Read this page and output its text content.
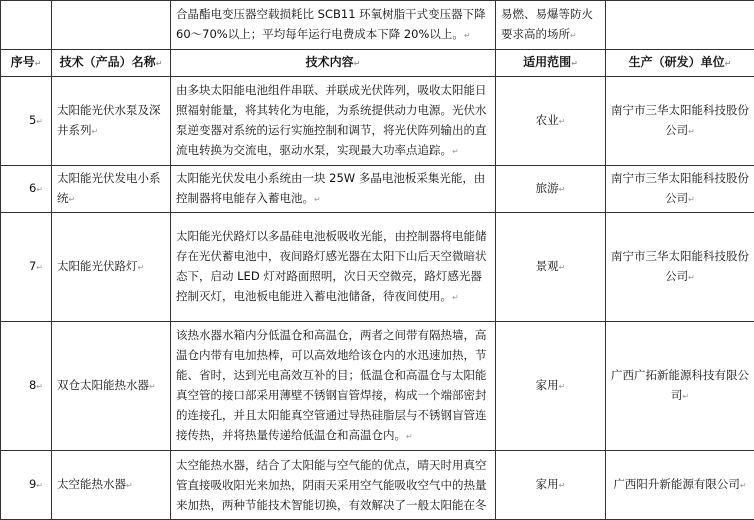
		合晶酯电变压器空载损耗比 SCB11 环氧树脂干式变压器下降60～70%以上；平均每年运行电费成本下降 20%以上。↵	易燃、易爆等防火要求高的场所↵	
序号↵	技术（产品）名称↵	技术内容↵	适用范围↵	生产（研发）单位↵
5↵	太阳能光伏水泵及深井系列↵	由多块太阳能电池组件串联、并联成光伏阵列，吸收太阳能日照福射能量，将其转化为电能，为系统提供动力电源。光伏水泵逆变器对系统的运行实施控制和调节，将光伏阵列输出的直流电转换为交流电，驱动水泵，实现最大功率点追踪。↵	农业↵	南宁市三华太阳能科技股份公司↵
6↵	太阳能光伏发电小系统↵	太阳能光伏发电小系统由一块 25W 多晶电池板采集光能，由控制器将电能存入蓄电池。↵	旅游↵	南宁市三华太阳能科技股份公司↵
7↵	太阳能光伏路灯↵	太阳能光伏路灯以多晶硅电池板吸收光能，由控制器将电能储存在光伏蓄电池中，夜间路灯感光器在太阳下山后天空微暗状态下，启动 LED 灯对路面照明，次日天空微亮，路灯感光器控制灭灯，电池板电能进入蓄电池储备，待夜间使用。↵	景观↵	南宁市三华太阳能科技股份公司↵
8↵	双仓太阳能热水器↵	该热水器水箱内分低温仓和高温仓，两者之间带有隔热墙，高温仓内带有电加热棒，可以高效地给该仓内的水迅速加热，节能、省时，达到光电高效互补的目；低温仓和高温仓与太阳能真空管的接口部采用薄壁不锈钢盲管焊接，构成一个端部密封的连接孔，并且太阳能真空管通过导热硅脂层与不锈钢盲管连接传热，并将热量传递给低温仓和高温仓内。↵	家用↵	广西广拓新能源科技有限公司↵
9↵	太空能热水器↵	太空能热水器，结合了太阳能与空气能的优点，晴天时用真空管直接吸收阳光来加热，阴雨天采用空气能吸收空气中的热量来加热，两种节能技术智能切换，有效解决了一般太阳能在冬	家用↵	广西阳升新能源有限公司↵
